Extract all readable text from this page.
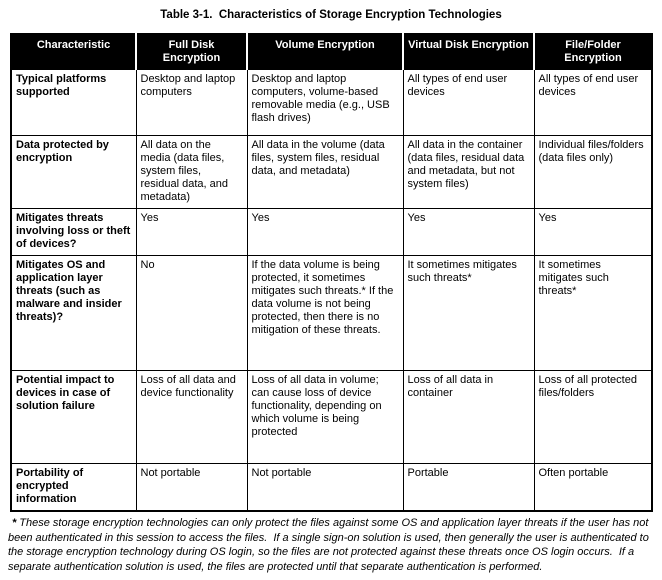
Table 3-1.  Characteristics of Storage Encryption Technologies
Characteristic	Full Disk Encryption	Volume Encryption	Virtual Disk Encryption	File/Folder Encryption
Typical platforms supported	Desktop and laptop computers	Desktop and laptop computers, volume-based removable media (e.g., USB flash drives)	All types of end user devices	All types of end user devices
Data protected by encryption	All data on the media (data files, system files, residual data, and metadata)	All data in the volume (data files, system files, residual data, and metadata)	All data in the container (data files, residual data and metadata, but not system files)	Individual files/folders (data files only)
Mitigates threats involving loss or theft of devices?	Yes	Yes	Yes	Yes
Mitigates OS and application layer threats (such as malware and insider threats)?	No	If the data volume is being protected, it sometimes mitigates such threats.* If the data volume is not being protected, then there is no mitigation of these threats.	It sometimes mitigates such threats*	It sometimes mitigates such threats*
Potential impact to devices in case of solution failure	Loss of all data and device functionality	Loss of all data in volume; can cause loss of device functionality, depending on which volume is being protected	Loss of all data in container	Loss of all protected files/folders
Portability of encrypted information	Not portable	Not portable	Portable	Often portable
* These storage encryption technologies can only protect the files against some OS and application layer threats if the user has not been authenticated in this session to access the files.  If a single sign-on solution is used, then generally the user is authenticated to the storage encryption technology during OS login, so the files are not protected against these threats once OS login occurs.  If a separate authentication solution is used, the files are protected until that separate authentication is performed.
